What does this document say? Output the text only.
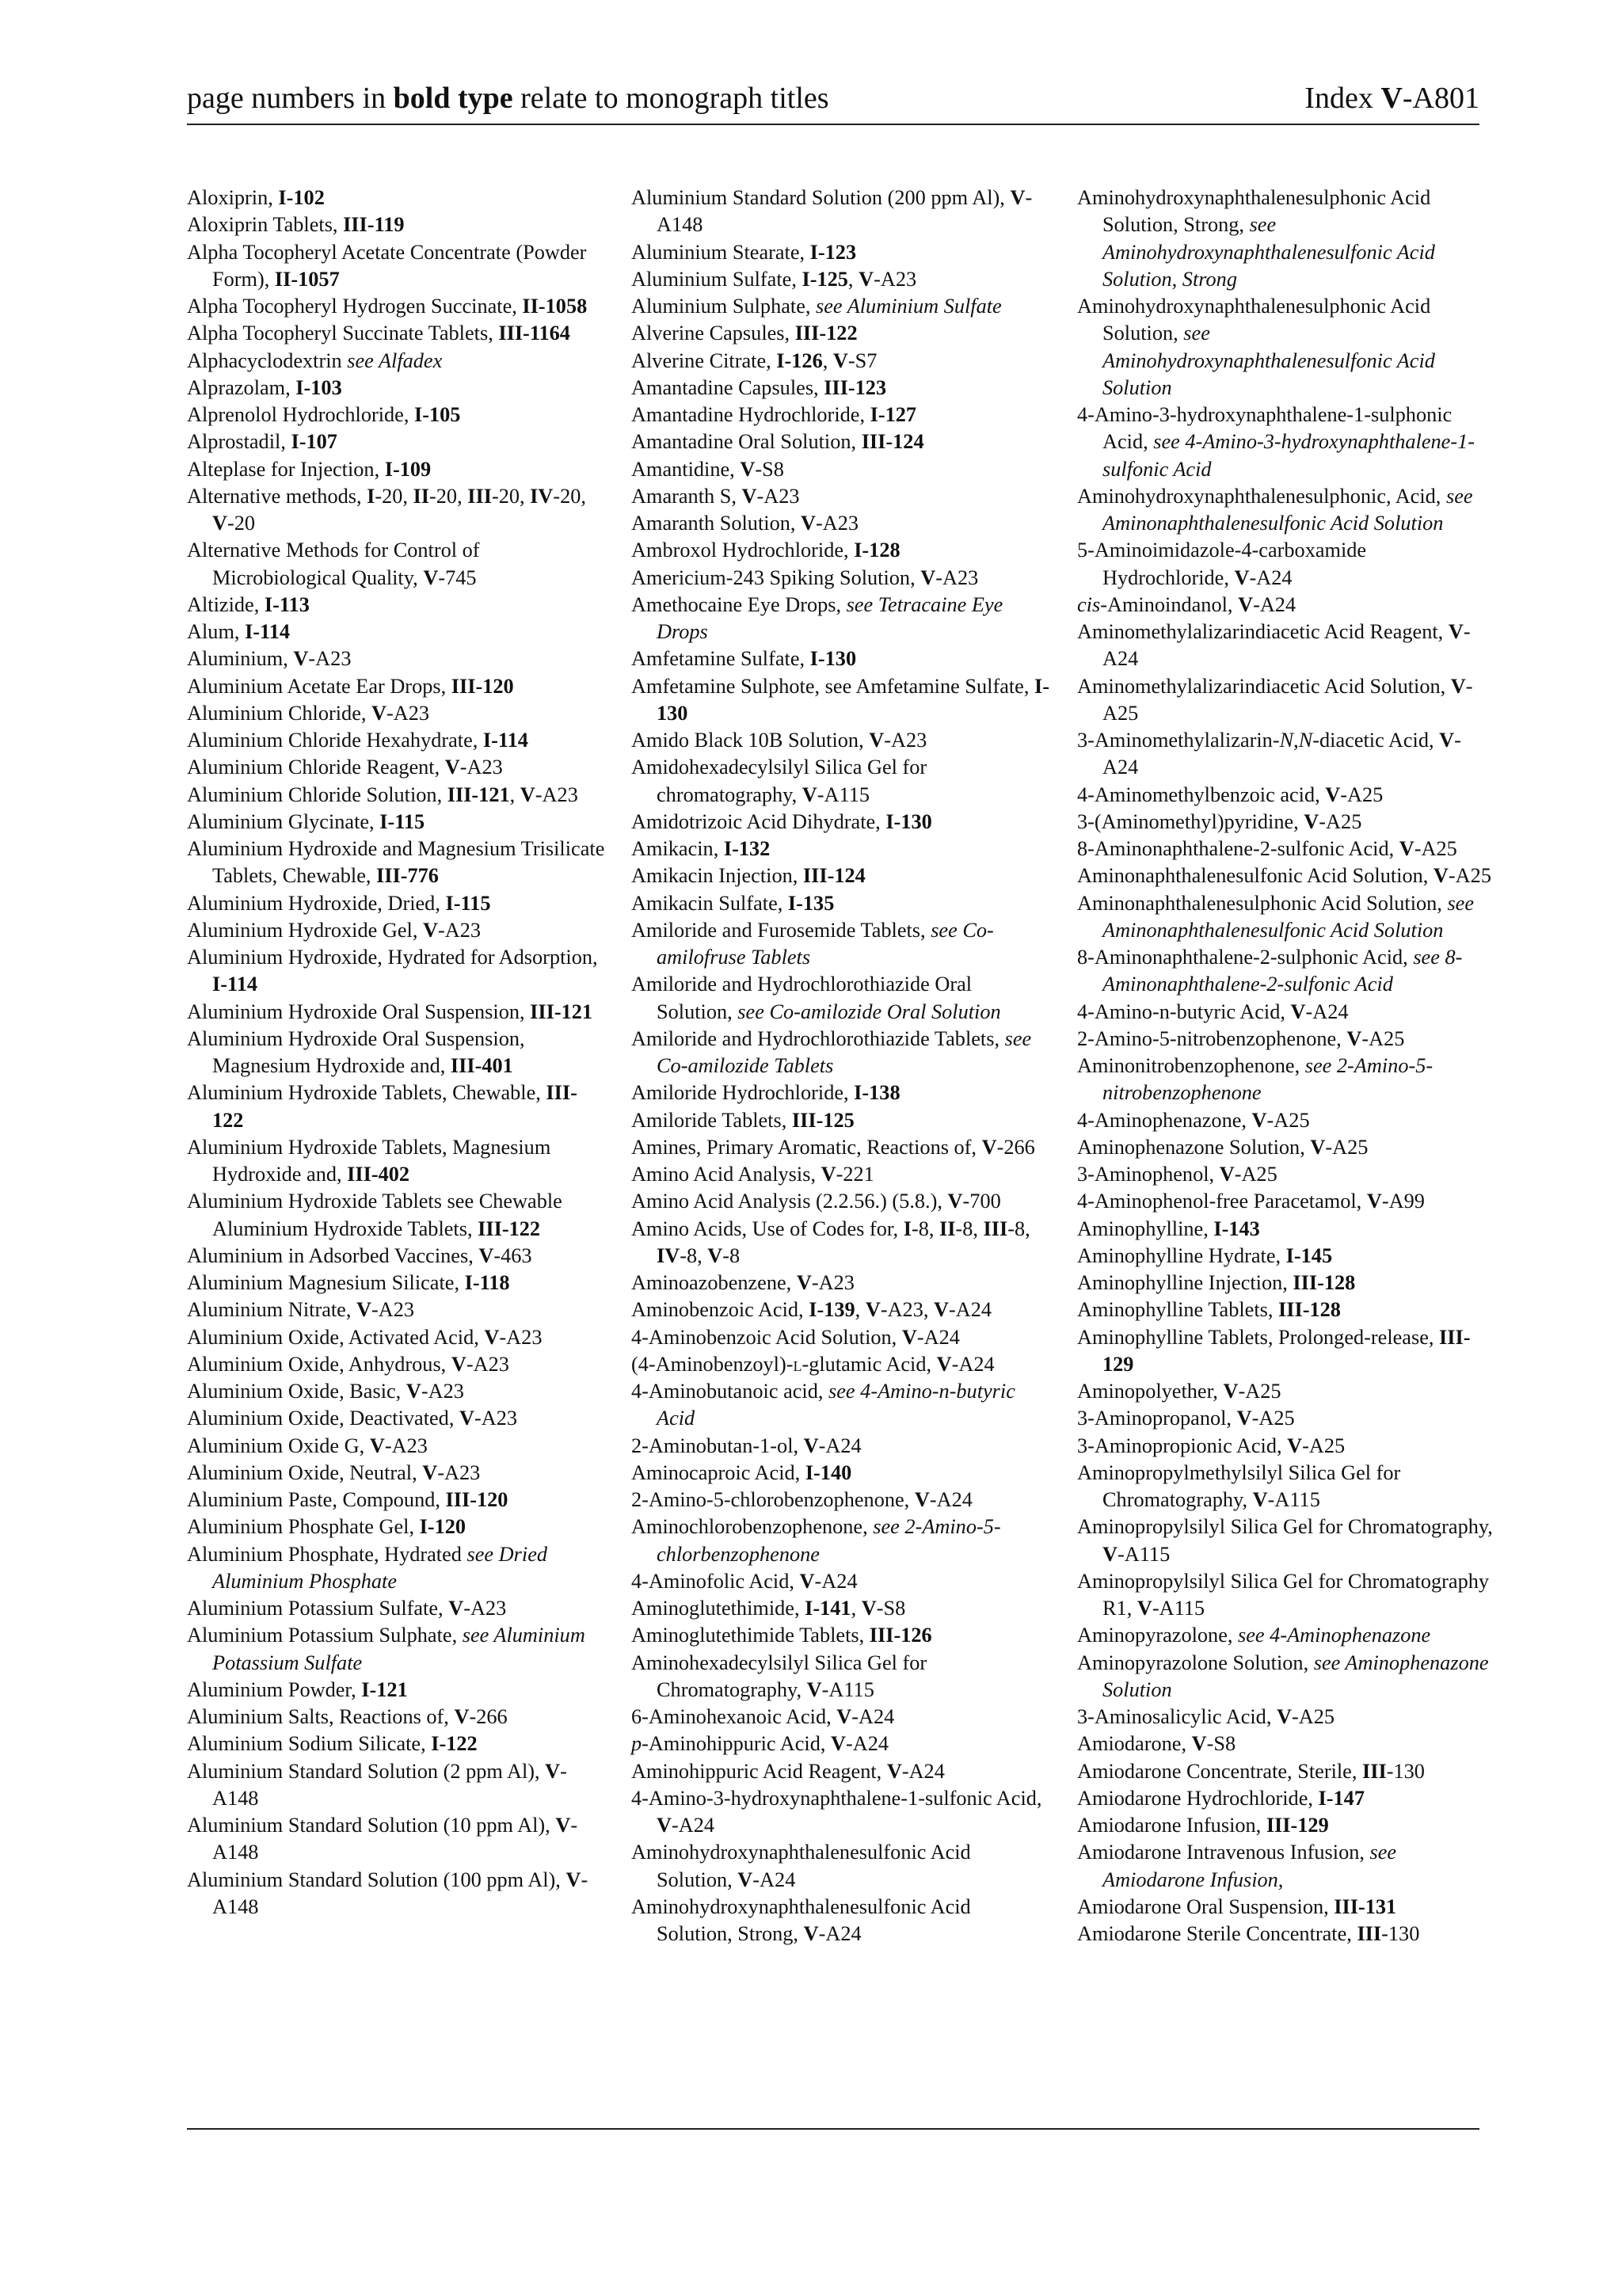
page numbers in bold type relate to monograph titles	Index V-A801

Aloxiprin, I-102

Aloxiprin Tablets, III-119

Alpha Tocopheryl Acetate Concentrate (Powder Form), II-1057

Alpha Tocopheryl Hydrogen Succinate, II-1058

Alpha Tocopheryl Succinate Tablets, III-1164

Alphacyclodextrin see Alfadex

Alprazolam, I-103

Alprenolol Hydrochloride, I-105

Alprostadil, I-107

Alteplase for Injection, I-109

Alternative methods, I-20, II-20, III-20, IV-20, V-20

Alternative Methods for Control of Microbiological Quality, V-745

Altizide, I-113

Alum, I-114

Aluminium, V-A23

Aluminium Acetate Ear Drops, III-120

Aluminium Chloride, V-A23

Aluminium Chloride Hexahydrate, I-114

Aluminium Chloride Reagent, V-A23

Aluminium Chloride Solution, III-121, V-A23

Aluminium Glycinate, I-115

Aluminium Hydroxide and Magnesium Trisilicate Tablets, Chewable, III-776

Aluminium Hydroxide, Dried, I-115

Aluminium Hydroxide Gel, V-A23

Aluminium Hydroxide, Hydrated for Adsorption, I-114

Aluminium Hydroxide Oral Suspension, III-121

Aluminium Hydroxide Oral Suspension, Magnesium Hydroxide and, III-401

Aluminium Hydroxide Tablets, Chewable, III-122

Aluminium Hydroxide Tablets, Magnesium Hydroxide and, III-402

Aluminium Hydroxide Tablets see Chewable Aluminium Hydroxide Tablets, III-122

Aluminium in Adsorbed Vaccines, V-463

Aluminium Magnesium Silicate, I-118

Aluminium Nitrate, V-A23

Aluminium Oxide, Activated Acid, V-A23

Aluminium Oxide, Anhydrous, V-A23

Aluminium Oxide, Basic, V-A23

Aluminium Oxide, Deactivated, V-A23

Aluminium Oxide G, V-A23

Aluminium Oxide, Neutral, V-A23

Aluminium Paste, Compound, III-120

Aluminium Phosphate Gel, I-120

Aluminium Phosphate, Hydrated see Dried Aluminium Phosphate

Aluminium Potassium Sulfate, V-A23

Aluminium Potassium Sulphate, see Aluminium Potassium Sulfate

Aluminium Powder, I-121

Aluminium Salts, Reactions of, V-266

Aluminium Sodium Silicate, I-122

Aluminium Standard Solution (2 ppm Al), V-A148

Aluminium Standard Solution (10 ppm Al), V-A148

Aluminium Standard Solution (100 ppm Al), V-A148

Aluminium Standard Solution (200 ppm Al), V-A148

Aluminium Stearate, I-123

Aluminium Sulfate, I-125, V-A23

Aluminium Sulphate, see Aluminium Sulfate

Alverine Capsules, III-122

Alverine Citrate, I-126, V-S7

Amantadine Capsules, III-123

Amantadine Hydrochloride, I-127

Amantadine Oral Solution, III-124

Amantidine, V-S8

Amaranth S, V-A23

Amaranth Solution, V-A23

Ambroxol Hydrochloride, I-128

Americium-243 Spiking Solution, V-A23

Amethocaine Eye Drops, see Tetracaine Eye Drops

Amfetamine Sulfate, I-130

Amfetamine Sulphote, see Amfetamine Sulfate, I-130

Amido Black 10B Solution, V-A23

Amidohexadecylsilyl Silica Gel for chromatography, V-A115

Amidotrizoic Acid Dihydrate, I-130

Amikacin, I-132

Amikacin Injection, III-124

Amikacin Sulfate, I-135

Amiloride and Furosemide Tablets, see Co-amilofruse Tablets

Amiloride and Hydrochlorothiazide Oral Solution, see Co-amilozide Oral Solution

Amiloride and Hydrochlorothiazide Tablets, see Co-amilozide Tablets

Amiloride Hydrochloride, I-138

Amiloride Tablets, III-125

Amines, Primary Aromatic, Reactions of, V-266

Amino Acid Analysis, V-221

Amino Acid Analysis (2.2.56.) (5.8.), V-700

Amino Acids, Use of Codes for, I-8, II-8, III-8, IV-8, V-8

Aminoazobenzene, V-A23

Aminobenzoic Acid, I-139, V-A23, V-A24

4-Aminobenzoic Acid Solution, V-A24

(4-Aminobenzoyl)-l-glutamic Acid, V-A24

4-Aminobutanoic acid, see 4-Amino-n-butyric Acid

2-Aminobutan-1-ol, V-A24

Aminocaproic Acid, I-140

2-Amino-5-chlorobenzophenone, V-A24

Aminochlorobenzophenone, see 2-Amino-5-chlorbenzophenone

4-Aminofolic Acid, V-A24

Aminoglutethimide, I-141, V-S8

Aminoglutethimide Tablets, III-126

Aminohexadecylsilyl Silica Gel for Chromatography, V-A115

6-Aminohexanoic Acid, V-A24

p-Aminohippuric Acid, V-A24

Aminohippuric Acid Reagent, V-A24

4-Amino-3-hydroxynaphthalene-1-sulfonic Acid, V-A24

Aminohydroxynaphthalenesulfonic Acid Solution, V-A24

Aminohydroxynaphthalenesulfonic Acid Solution, Strong, V-A24

Aminohydroxynaphthalenesulphonic Acid Solution, Strong, see Aminohydroxynaphthalenesulfonic Acid Solution, Strong

Aminohydroxynaphthalenesulphonic Acid Solution, see Aminohydroxynaphthalenesulfonic Acid Solution

4-Amino-3-hydroxynaphthalene-1-sulphonic Acid, see 4-Amino-3-hydroxynaphthalene-1-sulfonic Acid

Aminohydroxynaphthalenesulphonic, Acid, see Aminonaphthalenesulfonic Acid Solution

5-Aminoimidazole-4-carboxamide Hydrochloride, V-A24

cis-Aminoindanol, V-A24

Aminomethylalizarindiacetic Acid Reagent, V-A24

Aminomethylalizarindiacetic Acid Solution, V-A25

3-Aminomethylalizarin-N,N-diacetic Acid, V-A24

4-Aminomethylbenzoic acid, V-A25

3-(Aminomethyl)pyridine, V-A25

8-Aminonaphthalene-2-sulfonic Acid, V-A25

Aminonaphthalenesulfonic Acid Solution, V-A25

Aminonaphthalenesulphonic Acid Solution, see Aminonaphthalenesulfonic Acid Solution

8-Aminonaphthalene-2-sulphonic Acid, see 8-Aminonaphthalene-2-sulfonic Acid

4-Amino-n-butyric Acid, V-A24

2-Amino-5-nitrobenzophenone, V-A25

Aminonitrobenzophenone, see 2-Amino-5-nitrobenzophenone

4-Aminophenazone, V-A25

Aminophenazone Solution, V-A25

3-Aminophenol, V-A25

4-Aminophenol-free Paracetamol, V-A99

Aminophylline, I-143

Aminophylline Hydrate, I-145

Aminophylline Injection, III-128

Aminophylline Tablets, III-128

Aminophylline Tablets, Prolonged-release, III-129

Aminopolyether, V-A25

3-Aminopropanol, V-A25

3-Aminopropionic Acid, V-A25

Aminopropylmethylsilyl Silica Gel for Chromatography, V-A115

Aminopropylsilyl Silica Gel for Chromatography, V-A115

Aminopropylsilyl Silica Gel for Chromatography R1, V-A115

Aminopyrazolone, see 4-Aminophenazone

Aminopyrazolone Solution, see Aminophenazone Solution

3-Aminosalicylic Acid, V-A25

Amiodarone, V-S8

Amiodarone Concentrate, Sterile, III-130

Amiodarone Hydrochloride, I-147

Amiodarone Infusion, III-129

Amiodarone Intravenous Infusion, see Amiodarone Infusion,

Amiodarone Oral Suspension, III-131

Amiodarone Sterile Concentrate, III-130
